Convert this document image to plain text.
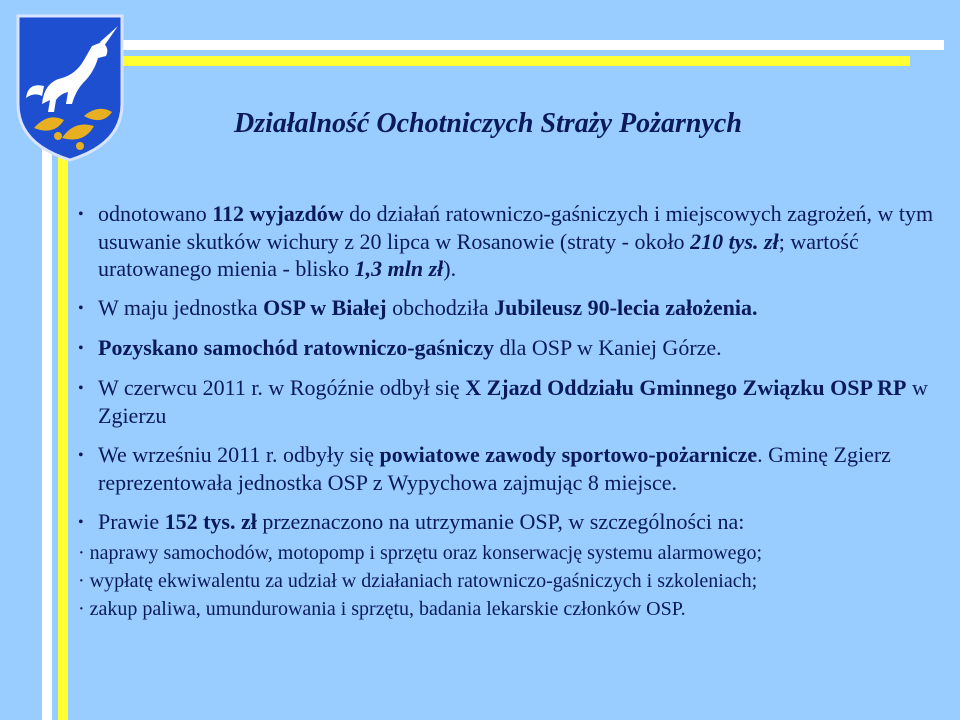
Działalność Ochotniczych Straży Pożarnych
• odnotowano 112 wyjazdów do działań ratowniczo-gaśniczych i miejscowych zagrożeń, w tym usuwanie skutków wichury z 20 lipca w Rosanowie (straty - około 210 tys. zł; wartość uratowanego mienia - blisko 1,3 mln zł).
• W maju jednostka OSP w Białej obchodziła Jubileusz 90-lecia założenia.
• Pozyskano samochód ratowniczo-gaśniczy dla OSP w Kaniej Górze.
• W czerwcu 2011 r. w Rogóźnie odbył się X Zjazd Oddziału Gminnego Związku OSP RP w Zgierzu
• We wrześniu 2011 r. odbyły się powiatowe zawody sportowo-pożarnicze. Gminę Zgierz reprezentowała jednostka OSP z Wypychowa zajmując 8 miejsce.
• Prawie 152 tys. zł przeznaczono na utrzymanie OSP, w szczególności na:
· naprawy samochodów, motopomp i sprzętu oraz konserwację systemu alarmowego;
· wypłatę ekwiwalentu za udział w działaniach ratowniczo-gaśniczych i szkoleniach;
· zakup paliwa, umundurowania i sprzętu, badania lekarskie członków OSP.
